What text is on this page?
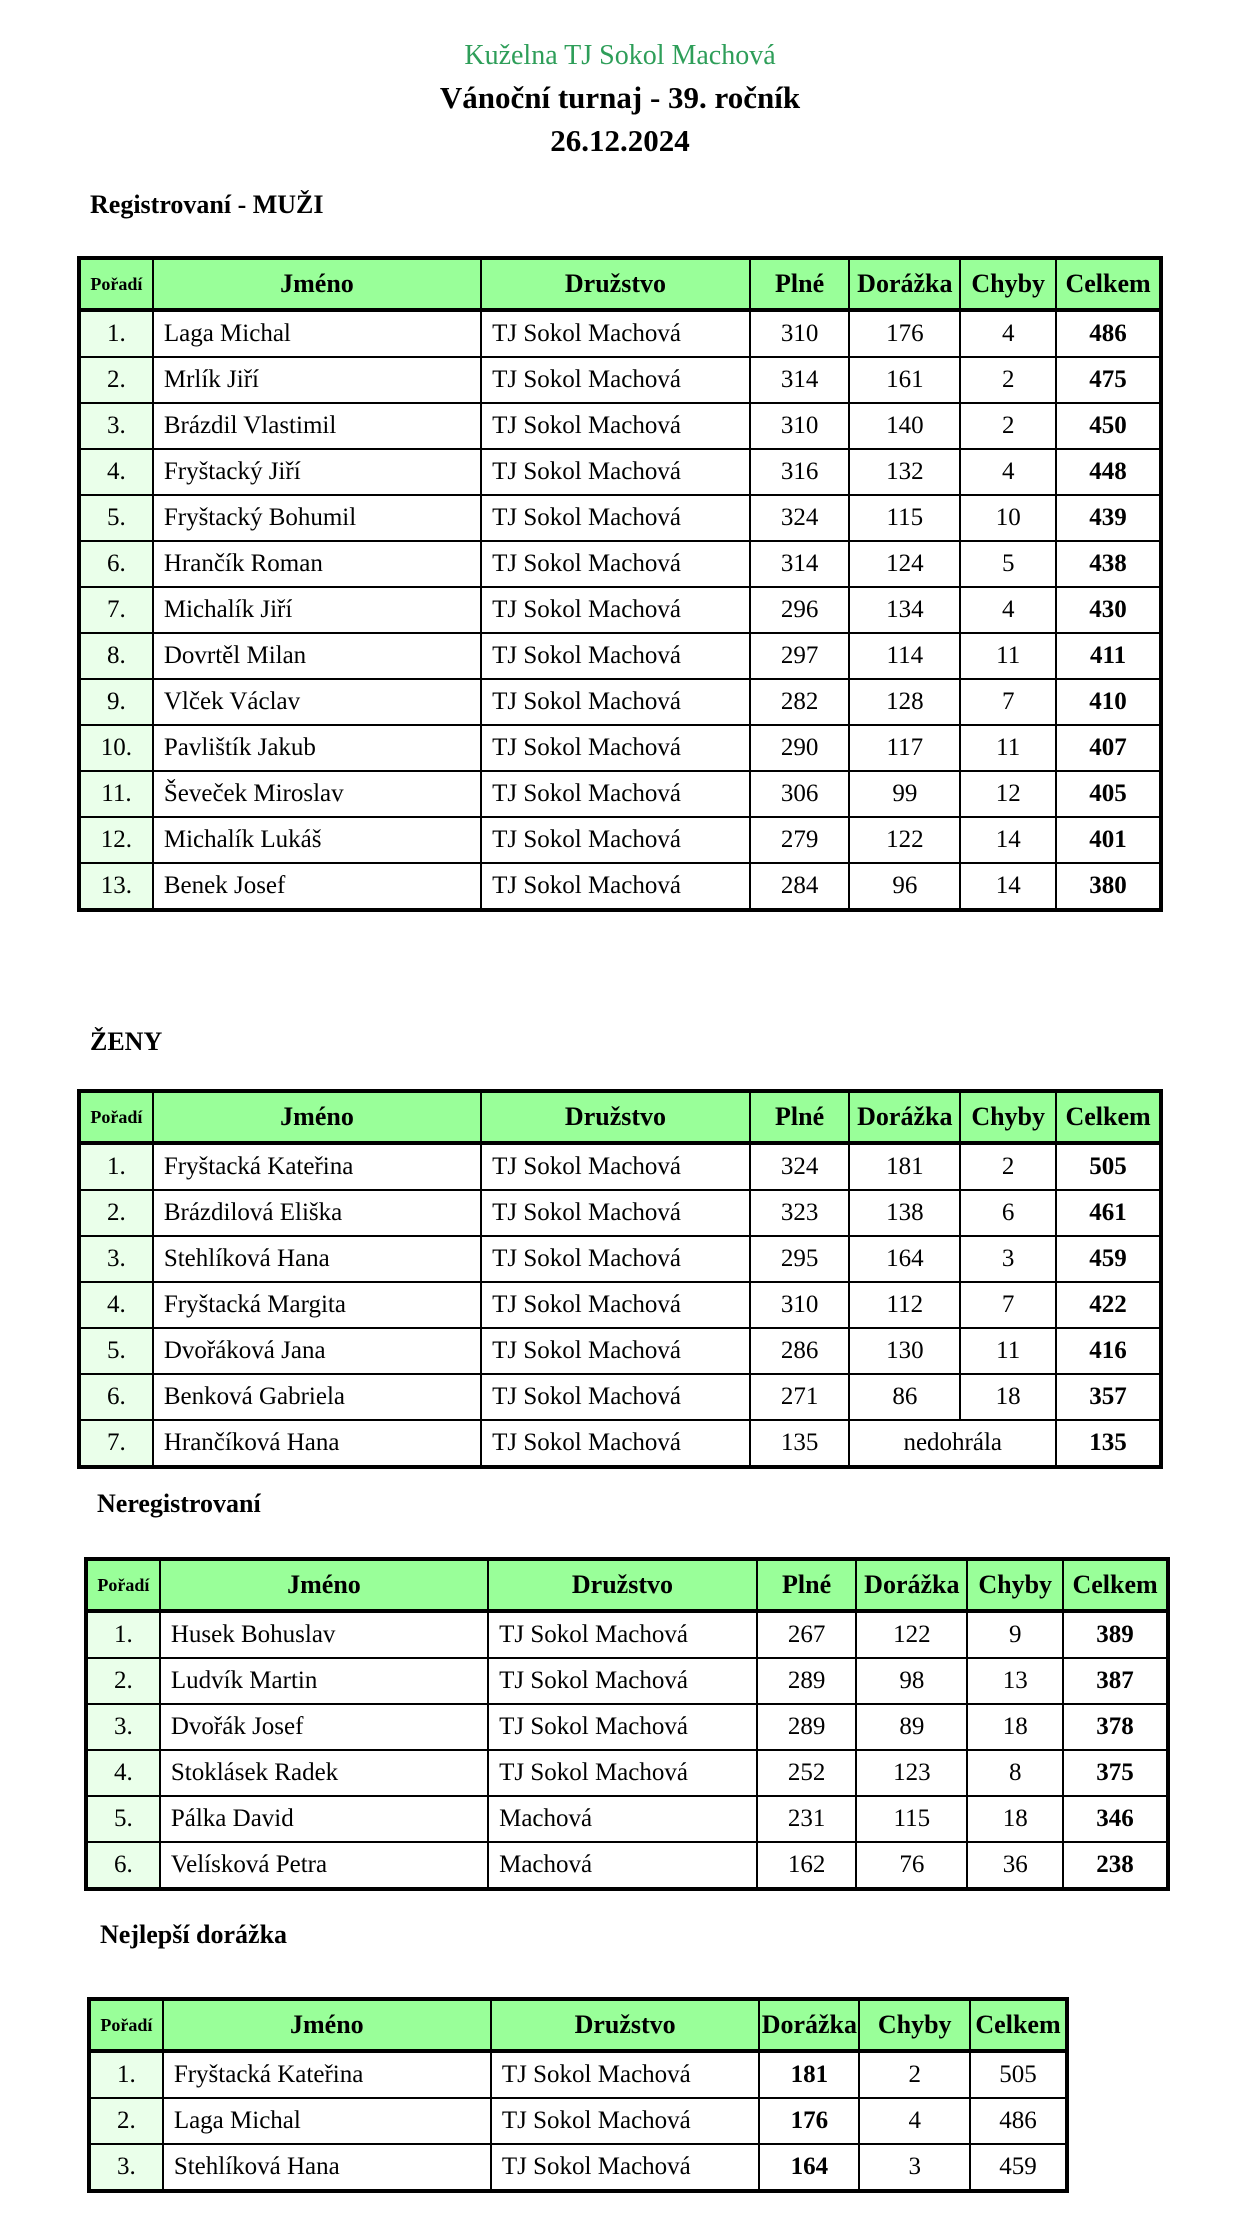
Kuželna TJ Sokol Machová
Vánoční turnaj - 39. ročník
26.12.2024
Registrovaní - MUŽI
Pořadí	Jméno	Družstvo	Plné	Dorážka	Chyby	Celkem
1.	Laga Michal	TJ Sokol Machová	310	176	4	486
2.	Mrlík Jiří	TJ Sokol Machová	314	161	2	475
3.	Brázdil Vlastimil	TJ Sokol Machová	310	140	2	450
4.	Fryštacký Jiří	TJ Sokol Machová	316	132	4	448
5.	Fryštacký Bohumil	TJ Sokol Machová	324	115	10	439
6.	Hrančík Roman	TJ Sokol Machová	314	124	5	438
7.	Michalík Jiří	TJ Sokol Machová	296	134	4	430
8.	Dovrtěl Milan	TJ Sokol Machová	297	114	11	411
9.	Vlček Václav	TJ Sokol Machová	282	128	7	410
10.	Pavlištík Jakub	TJ Sokol Machová	290	117	11	407
11.	Ševeček Miroslav	TJ Sokol Machová	306	99	12	405
12.	Michalík Lukáš	TJ Sokol Machová	279	122	14	401
13.	Benek Josef	TJ Sokol Machová	284	96	14	380
ŽENY
Pořadí	Jméno	Družstvo	Plné	Dorážka	Chyby	Celkem
1.	Fryštacká Kateřina	TJ Sokol Machová	324	181	2	505
2.	Brázdilová Eliška	TJ Sokol Machová	323	138	6	461
3.	Stehlíková Hana	TJ Sokol Machová	295	164	3	459
4.	Fryštacká Margita	TJ Sokol Machová	310	112	7	422
5.	Dvořáková Jana	TJ Sokol Machová	286	130	11	416
6.	Benková Gabriela	TJ Sokol Machová	271	86	18	357
7.	Hrančíková Hana	TJ Sokol Machová	135	nedohrála		135
Neregistrovaní
Pořadí	Jméno	Družstvo	Plné	Dorážka	Chyby	Celkem
1.	Husek Bohuslav	TJ Sokol Machová	267	122	9	389
2.	Ludvík Martin	TJ Sokol Machová	289	98	13	387
3.	Dvořák Josef	TJ Sokol Machová	289	89	18	378
4.	Stoklásek Radek	TJ Sokol Machová	252	123	8	375
5.	Pálka David	Machová	231	115	18	346
6.	Velísková Petra	Machová	162	76	36	238
Nejlepší dorážka
Pořadí	Jméno	Družstvo	Dorážka	Chyby	Celkem
1.	Fryštacká Kateřina	TJ Sokol Machová	181	2	505
2.	Laga Michal	TJ Sokol Machová	176	4	486
3.	Stehlíková Hana	TJ Sokol Machová	164	3	459
